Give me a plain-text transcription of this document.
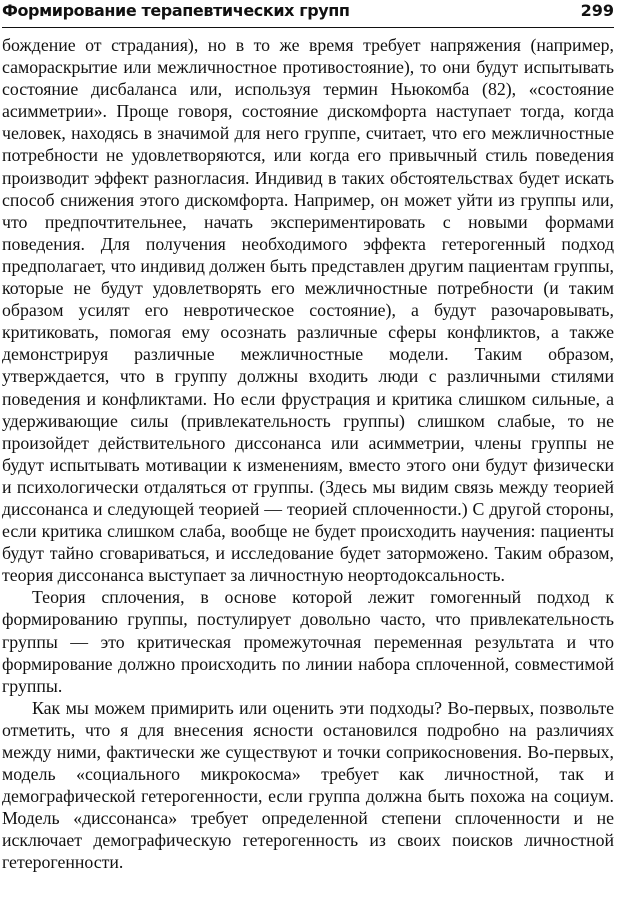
Формирование терапевтических групп	299

бождение от страдания), но в то же время требует напряжения (например, самораскрытие или межличностное противостояние), то они будут испытывать состояние дисбаланса или, используя термин Ньюкомба (82), «состояние асимметрии». Проще говоря, состояние дискомфорта наступает тогда, когда человек, находясь в значимой для него группе, считает, что его межличностные потребности не удовлетворяются, или когда его привычный стиль поведения производит эффект разногласия. Индивид в таких обстоятельствах будет искать способ снижения этого дискомфорта. Например, он может уйти из группы или, что предпочтительнее, начать экспериментировать с новыми формами поведения. Для получения необходимого эффекта гетерогенный подход предполагает, что индивид должен быть представлен другим пациентам группы, которые не будут удовлетворять его межличностные потребности (и таким образом усилят его невротическое состояние), а будут разочаровывать, критиковать, помогая ему осознать различные сферы конфликтов, а также демонстрируя различные межличностные модели. Таким образом, утверждается, что в группу должны входить люди с различными стилями поведения и конфликтами. Но если фрустрация и критика слишком сильные, а удерживающие силы (привлекательность группы) слишком слабые, то не произойдет действительного диссонанса или асимметрии, члены группы не будут испытывать мотивации к изменениям, вместо этого они будут физически и психологически отдаляться от группы. (Здесь мы видим связь между теорией диссонанса и следующей теорией — теорией сплоченности.) С другой стороны, если критика слишком слаба, вообще не будет происходить научения: пациенты будут тайно сговариваться, и исследование будет заторможено. Таким образом, теория диссонанса выступает за личностную неортодоксальность.

Теория сплочения, в основе которой лежит гомогенный подход к формированию группы, постулирует довольно часто, что привлекательность группы — это критическая промежуточная переменная результата и что формирование должно происходить по линии набора сплоченной, совместимой группы.

Как мы можем примирить или оценить эти подходы? Во-первых, позвольте отметить, что я для внесения ясности остановился подробно на различиях между ними, фактически же существуют и точки соприкосновения. Во-первых, модель «социального микрокосма» требует как личностной, так и демографической гетерогенности, если группа должна быть похожа на социум. Модель «диссонанса» требует определенной степени сплоченности и не исключает демографическую гетерогенность из своих поисков личностной гетерогенности.
